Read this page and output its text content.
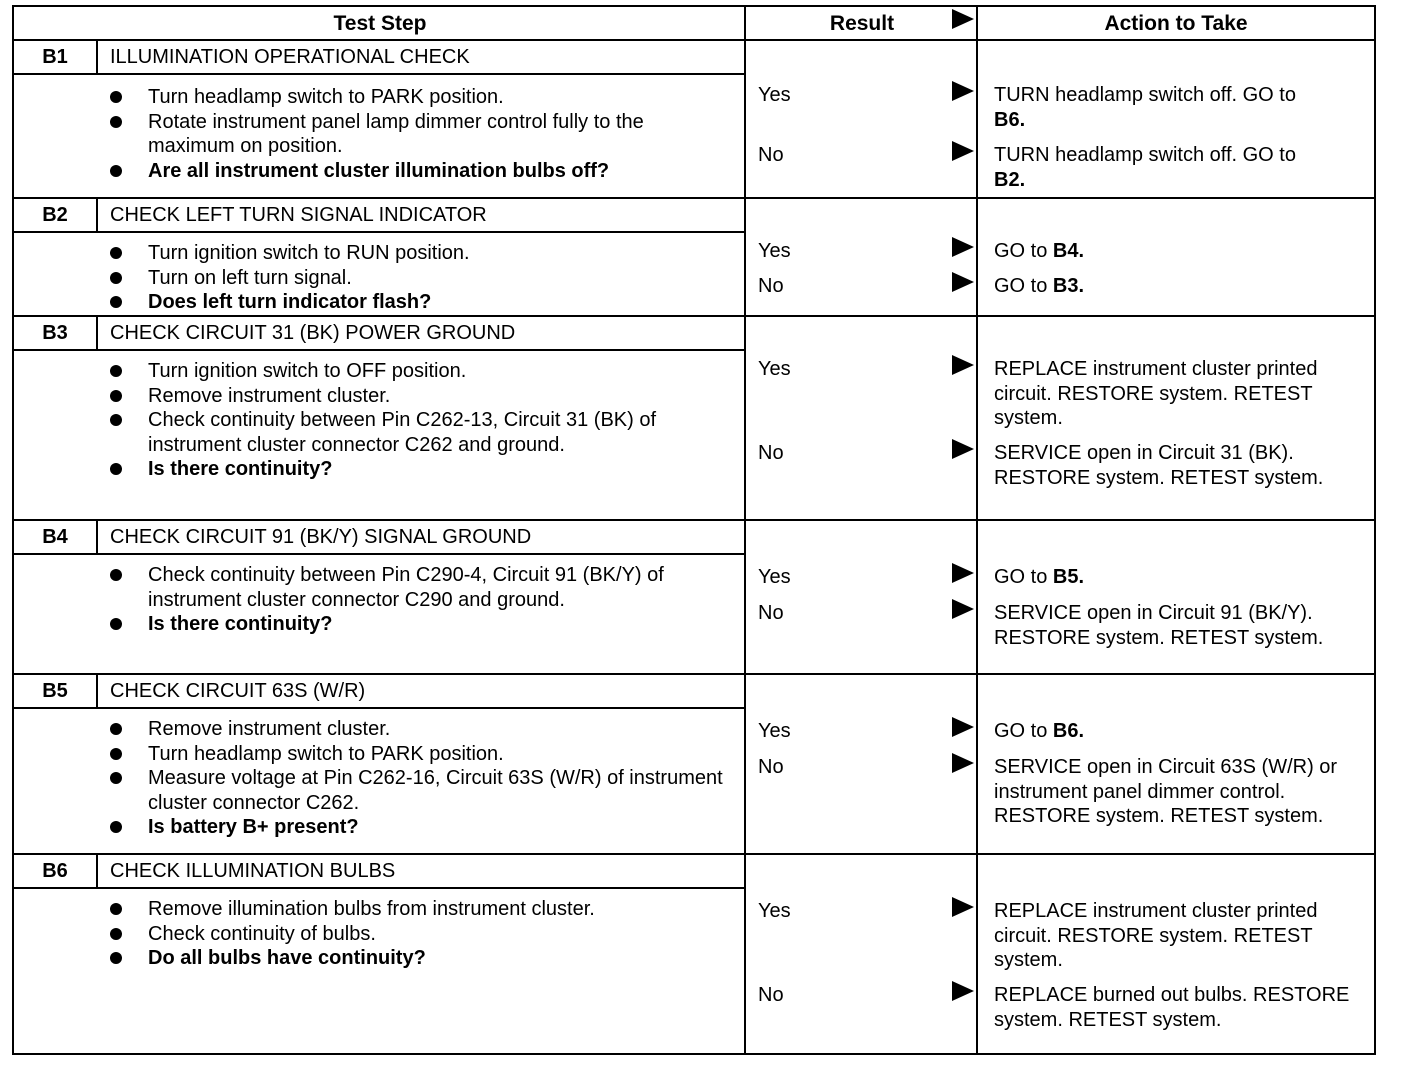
Test Step	Result	Action to Take
B1	ILLUMINATION OPERATIONAL CHECK
Turn headlamp switch to PARK position.
Rotate instrument panel lamp dimmer control fully to the maximum on position.
Are all instrument cluster illumination bulbs off?
Yes	TURN headlamp switch off. GO to
B6.
No	TURN headlamp switch off. GO to
B2.
B2	CHECK LEFT TURN SIGNAL INDICATOR
Turn ignition switch to RUN position.
Turn on left turn signal.
Does left turn indicator flash?
Yes	GO to B4.
No	GO to B3.
B3	CHECK CIRCUIT 31 (BK) POWER GROUND
Turn ignition switch to OFF position.
Remove instrument cluster.
Check continuity between Pin C262-13, Circuit 31 (BK) of instrument cluster connector C262 and ground.
Is there continuity?
Yes	REPLACE instrument cluster printed circuit. RESTORE system. RETEST system.
No	SERVICE open in Circuit 31 (BK). RESTORE system. RETEST system.
B4	CHECK CIRCUIT 91 (BK/Y) SIGNAL GROUND
Check continuity between Pin C290-4, Circuit 91 (BK/Y) of instrument cluster connector C290 and ground.
Is there continuity?
Yes	GO to B5.
No	SERVICE open in Circuit 91 (BK/Y). RESTORE system. RETEST system.
B5	CHECK CIRCUIT 63S (W/R)
Remove instrument cluster.
Turn headlamp switch to PARK position.
Measure voltage at Pin C262-16, Circuit 63S (W/R) of instrument cluster connector C262.
Is battery B+ present?
Yes	GO to B6.
No	SERVICE open in Circuit 63S (W/R) or instrument panel dimmer control. RESTORE system. RETEST system.
B6	CHECK ILLUMINATION BULBS
Remove illumination bulbs from instrument cluster.
Check continuity of bulbs.
Do all bulbs have continuity?
Yes	REPLACE instrument cluster printed circuit. RESTORE system. RETEST system.
No	REPLACE burned out bulbs. RESTORE system. RETEST system.
